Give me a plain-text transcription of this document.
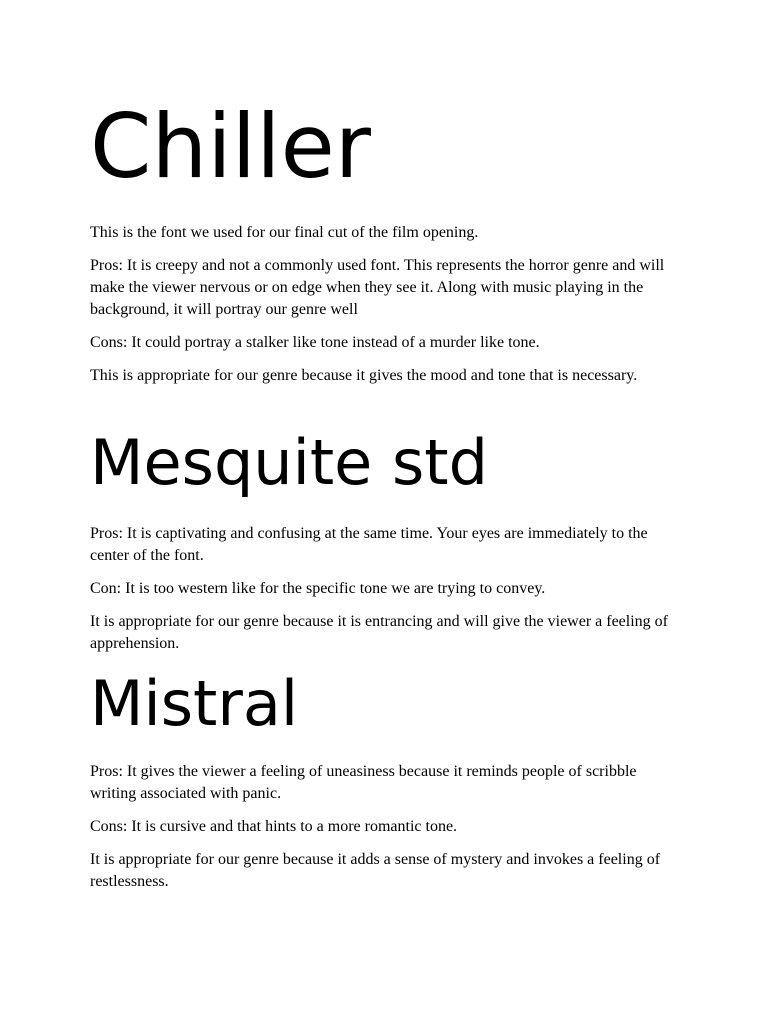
Chiller

This is the font we used for our final cut of the film opening.

Pros: It is creepy and not a commonly used font. This represents the horror genre and will make the viewer nervous or on edge when they see it. Along with music playing in the background, it will portray our genre well

Cons: It could portray a stalker like tone instead of a murder like tone.

This is appropriate for our genre because it gives the mood and tone that is necessary.

Mesquite std

Pros: It is captivating and confusing at the same time. Your eyes are immediately to the center of the font.

Con: It is too western like for the specific tone we are trying to convey.

It is appropriate for our genre because it is entrancing and will give the viewer a feeling of apprehension.

Mistral

Pros: It gives the viewer a feeling of uneasiness because it reminds people of scribble writing associated with panic.

Cons: It is cursive and that hints to a more romantic tone.

It is appropriate for our genre because it adds a sense of mystery and invokes a feeling of restlessness.
